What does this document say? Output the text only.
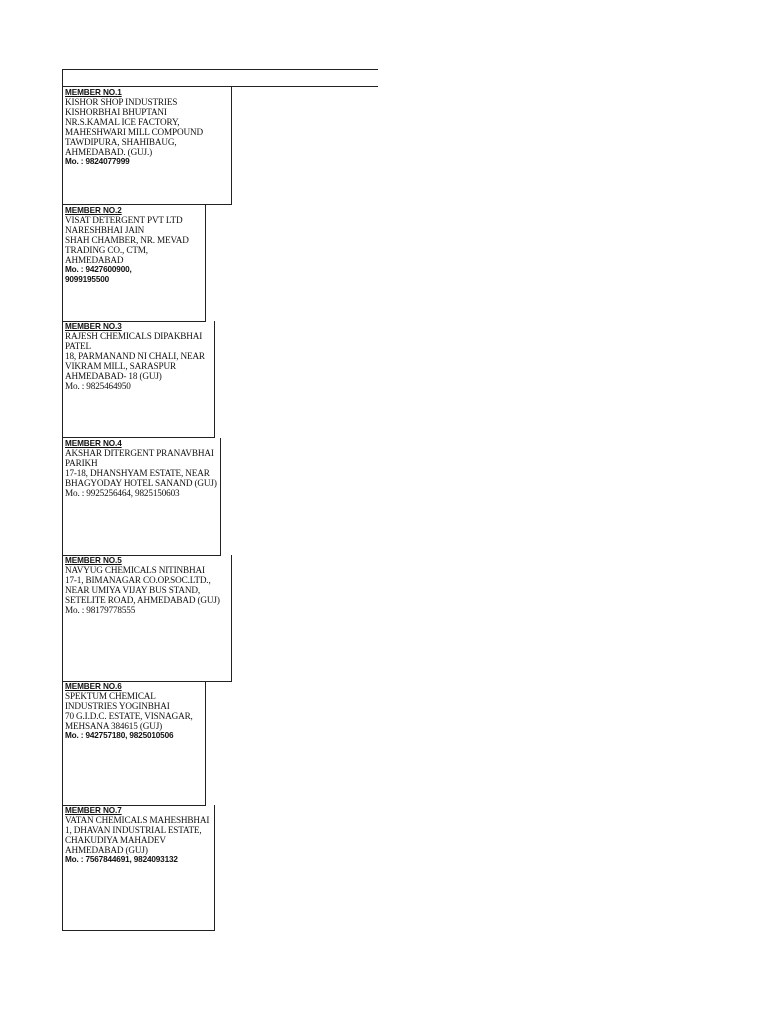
MEMBER NO.1
KISHOR SHOP INDUSTRIES
KISHORBHAI BHUPTANI
NR.S.KAMAL ICE FACTORY,
MAHESHWARI MILL COMPOUND
TAWDIPURA, SHAHIBAUG,
AHMEDABAD. (GUJ.)
Mo. : 9824077999
MEMBER NO.2
VISAT DETERGENT PVT LTD
NARESHBHAI JAIN
SHAH CHAMBER, NR. MEVAD
TRADING CO., CTM,
AHMEDABAD
Mo. : 9427600900,
9099195500
MEMBER NO.3
RAJESH CHEMICALS DIPAKBHAI
PATEL
18, PARMANAND NI CHALI, NEAR
VIKRAM MILL, SARASPUR
AHMEDABAD- 18 (GUJ)
Mo. : 9825464950
MEMBER NO.4
AKSHAR DITERGENT PRANAVBHAI
PARIKH
17-18, DHANSHYAM ESTATE, NEAR
BHAGYODAY HOTEL SANAND (GUJ)
Mo. : 9925256464, 9825150603
MEMBER NO.5
NAVYUG CHEMICALS NITINBHAI
17-1, BIMANAGAR CO.OP.SOC.LTD.,
NEAR UMIYA VIJAY BUS STAND,
SETELITE ROAD, AHMEDABAD (GUJ)
Mo. : 98179778555
MEMBER NO.6
SPEKTUM CHEMICAL
INDUSTRIES YOGINBHAI
70 G.I.D.C. ESTATE, VISNAGAR,
MEHSANA 384615 (GUJ)
Mo. : 942757180, 9825010506
MEMBER NO.7
VATAN CHEMICALS MAHESHBHAI
1, DHAVAN INDUSTRIAL ESTATE,
CHAKUDIYA MAHADEV
AHMEDABAD (GUJ)
Mo. : 7567844691, 9824093132
